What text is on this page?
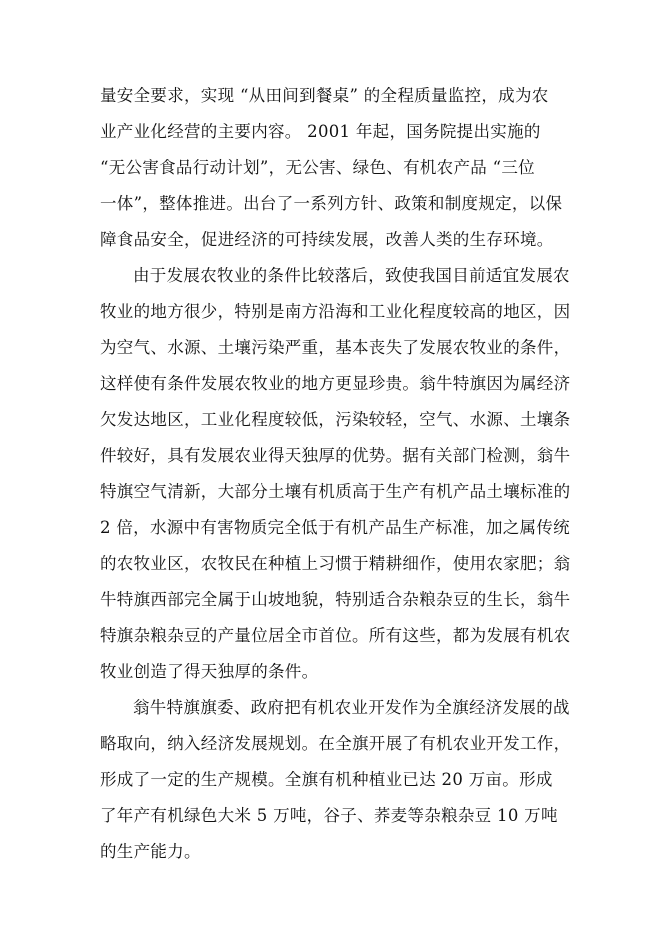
量安全要求，实现 “从田间到餐桌” 的全程质量监控，成为农
业产业化经营的主要内容。 2001 年起，国务院提出实施的
“无公害食品行动计划”，无公害、绿色、有机农产品 “三位
一体”，整体推进。出台了一系列方针、政策和制度规定，以保
障食品安全，促进经济的可持续发展，改善人类的生存环境。
由于发展农牧业的条件比较落后，致使我国目前适宜发展农
牧业的地方很少，特别是南方沿海和工业化程度较高的地区，因
为空气、水源、土壤污染严重，基本丧失了发展农牧业的条件，
这样使有条件发展农牧业的地方更显珍贵。翁牛特旗因为属经济
欠发达地区，工业化程度较低，污染较轻，空气、水源、土壤条
件较好，具有发展农业得天独厚的优势。据有关部门检测，翁牛
特旗空气清新，大部分土壤有机质高于生产有机产品土壤标准的
2 倍，水源中有害物质完全低于有机产品生产标准，加之属传统
的农牧业区，农牧民在种植上习惯于精耕细作，使用农家肥；翁
牛特旗西部完全属于山坡地貌，特别适合杂粮杂豆的生长，翁牛
特旗杂粮杂豆的产量位居全市首位。所有这些，都为发展有机农
牧业创造了得天独厚的条件。
翁牛特旗旗委、政府把有机农业开发作为全旗经济发展的战
略取向，纳入经济发展规划。在全旗开展了有机农业开发工作，
形成了一定的生产规模。全旗有机种植业已达 20 万亩。形成
了年产有机绿色大米 5 万吨，谷子、荞麦等杂粮杂豆 10 万吨
的生产能力。
